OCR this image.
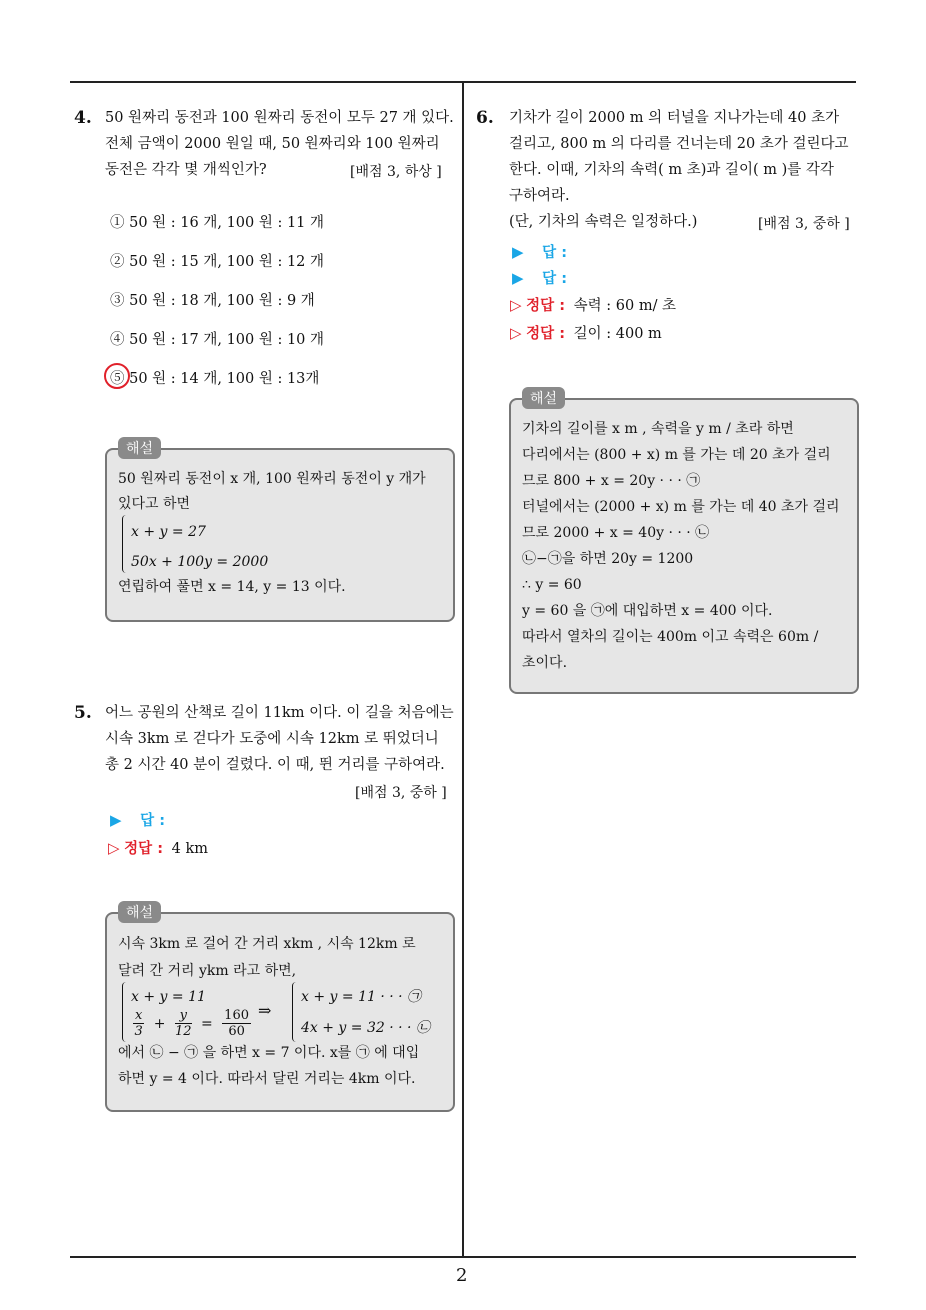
4. 50 원짜리 동전과 100 원짜리 동전이 모두 27 개 있다.
전체 금액이 2000 원일 때, 50 원짜리와 100 원짜리
동전은 각각 몇 개씩인가?	[배점 3, 하상 ]
① 50 원 : 16 개, 100 원 : 11 개
② 50 원 : 15 개, 100 원 : 12 개
③ 50 원 : 18 개, 100 원 : 9 개
④ 50 원 : 17 개, 100 원 : 10 개
⑤ 50 원 : 14 개, 100 원 : 13개
해설
50 원짜리 동전이 x 개, 100 원짜리 동전이 y 개가
있다고 하면
x + y = 27
50x + 100y = 2000
연립하여 풀면 x = 14, y = 13 이다.
5. 어느 공원의 산책로 길이 11km 이다. 이 길을 처음에는
시속 3km 로 걷다가 도중에 시속 12km 로 뛰었더니
총 2 시간 40 분이 걸렸다. 이 때, 뛴 거리를 구하여라.
[배점 3, 중하 ]
▶ 답 :
▷ 정답 : 4 km
해설
시속 3km 로 걸어 간 거리 xkm , 시속 12km 로
달려 간 거리 ykm 라고 하면,
x + y = 11
$\frac{x}{3} + \frac{y}{12} = \frac{160}{60}$ ⇒
x + y = 11 · · · ㉠
4x + y = 32 · · · ㉡
에서 ㉡ − ㉠ 을 하면 x = 7 이다. x를 ㉠ 에 대입
하면 y = 4 이다. 따라서 달린 거리는 4km 이다.
6. 기차가 길이 2000 m 의 터널을 지나가는데 40 초가
걸리고, 800 m 의 다리를 건너는데 20 초가 걸린다고
한다. 이때, 기차의 속력( m 초)과 길이( m )를 각각
구하여라.
(단, 기차의 속력은 일정하다.)	[배점 3, 중하 ]
▶ 답 :
▶ 답 :
▷ 정답 : 속력 : 60 m/ 초
▷ 정답 : 길이 : 400 m
해설
기차의 길이를 x m , 속력을 y m / 초라 하면
다리에서는 (800 + x) m 를 가는 데 20 초가 걸리
므로 800 + x = 20y · · · ㉠
터널에서는 (2000 + x) m 를 가는 데 40 초가 걸리
므로 2000 + x = 40y · · · ㉡
㉡−㉠을 하면 20y = 1200
∴ y = 60
y = 60 을 ㉠에 대입하면 x = 400 이다.
따라서 열차의 길이는 400m 이고 속력은 60m /
초이다.
2
